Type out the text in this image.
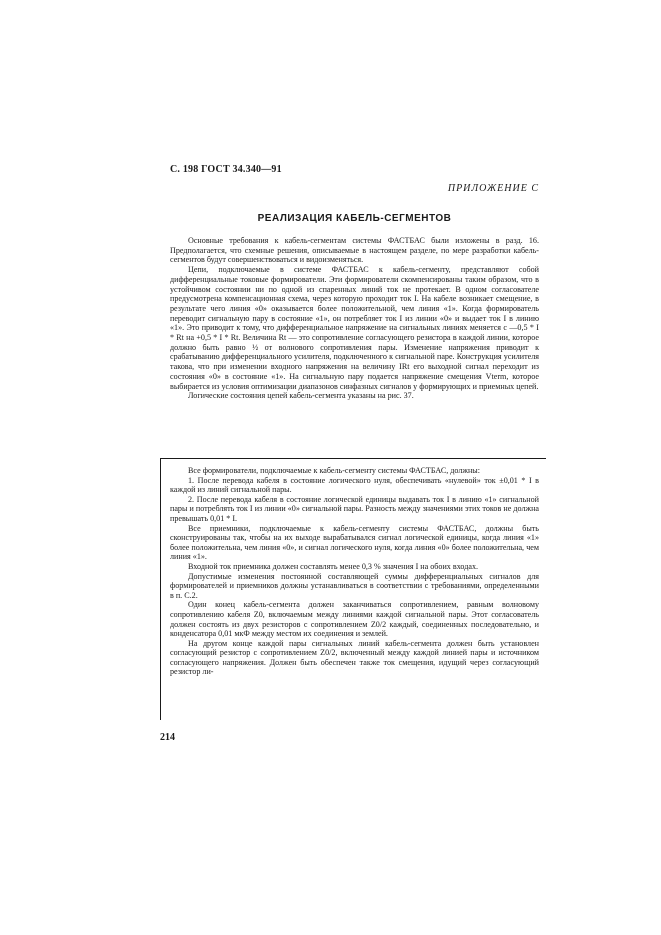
С. 198 ГОСТ 34.340—91
ПРИЛОЖЕНИЕ С
РЕАЛИЗАЦИЯ КАБЕЛЬ-СЕГМЕНТОВ

Основные требования к кабель-сегментам системы ФАСТБАС были изложены в разд. 16. Предполагается, что схемные решения, описываемые в настоящем разделе, по мере разработки кабель-сегментов будут совершенствоваться и видоизменяться.

Цепи, подключаемые в системе ФАСТБАС к кабель-сегменту, представляют собой дифференциальные токовые формирователи. Эти формирователи скомпенсированы таким образом, что в устойчивом состоянии ни по одной из спаренных линий ток не протекает. В одном согласователе предусмотрена компенсационная схема, через которую проходит ток I. На кабеле возникает смещение, в результате чего линия «0» оказывается более положительной, чем линия «1». Когда формирователь переводит сигнальную пару в состояние «1», он потребляет ток I из линии «0» и выдает ток I в линию «1». Это приводит к тому, что дифференциальное напряжение на сигнальных линиях меняется с —0,5 * I * Rt на +0,5 * I * Rt. Величина Rt — это сопротивление согласующего резистора в каждой линии, которое должно быть равно ½ от волнового сопротивления пары. Изменение напряжения приводит к срабатыванию дифференциального усилителя, подключенного к сигнальной паре. Конструкция усилителя такова, что при изменении входного напряжения на величину IRt его выходной сигнал переходит из состояния «0» в состояние «1». На сигнальную пару подается напряжение смещения Vterm, которое выбирается из условия оптимизации диапазонов синфазных сигналов у формирующих и приемных цепей.

Логические состояния цепей кабель-сегмента указаны на рис. 37.

Все формирователи, подключаемые к кабель-сегменту системы ФАСТБАС, должны:

1. После перевода кабеля в состояние логического нуля, обеспечивать «нулевой» ток ±0,01 * I в каждой из линий сигнальной пары.

2. После перевода кабеля в состояние логической единицы выдавать ток I в линию «1» сигнальной пары и потреблять ток I из линии «0» сигнальной пары. Разность между значениями этих токов не должна превышать 0,01 * I.

Все приемники, подключаемые к кабель-сегменту системы ФАСТБАС, должны быть сконструированы так, чтобы на их выходе вырабатывался сигнал логической единицы, когда линия «1» более положительна, чем линия «0», и сигнал логического нуля, когда линия «0» более положительна, чем линия «1».

Входной ток приемника должен составлять менее 0,3 % значения I на обоих входах.

Допустимые изменения постоянной составляющей суммы дифференциальных сигналов для формирователей и приемников должны устанавливаться в соответствии с требованиями, определенными в п. С.2.

Один конец кабель-сегмента должен заканчиваться сопротивлением, равным волновому сопротивлению кабеля Z0, включаемым между линиями каждой сигнальной пары. Этот согласователь должен состоять из двух резисторов с сопротивлением Z0/2 каждый, соединенных последовательно, и конденсатора 0,01 мкФ между местом их соединения и землей.

На другом конце каждой пары сигнальных линий кабель-сегмента должен быть установлен согласующий резистор с сопротивлением Z0/2, включенный между каждой линией пары и источником согласующего напряжения. Должен быть обеспечен также ток смещения, идущий через согласующий резистор ли-

214
